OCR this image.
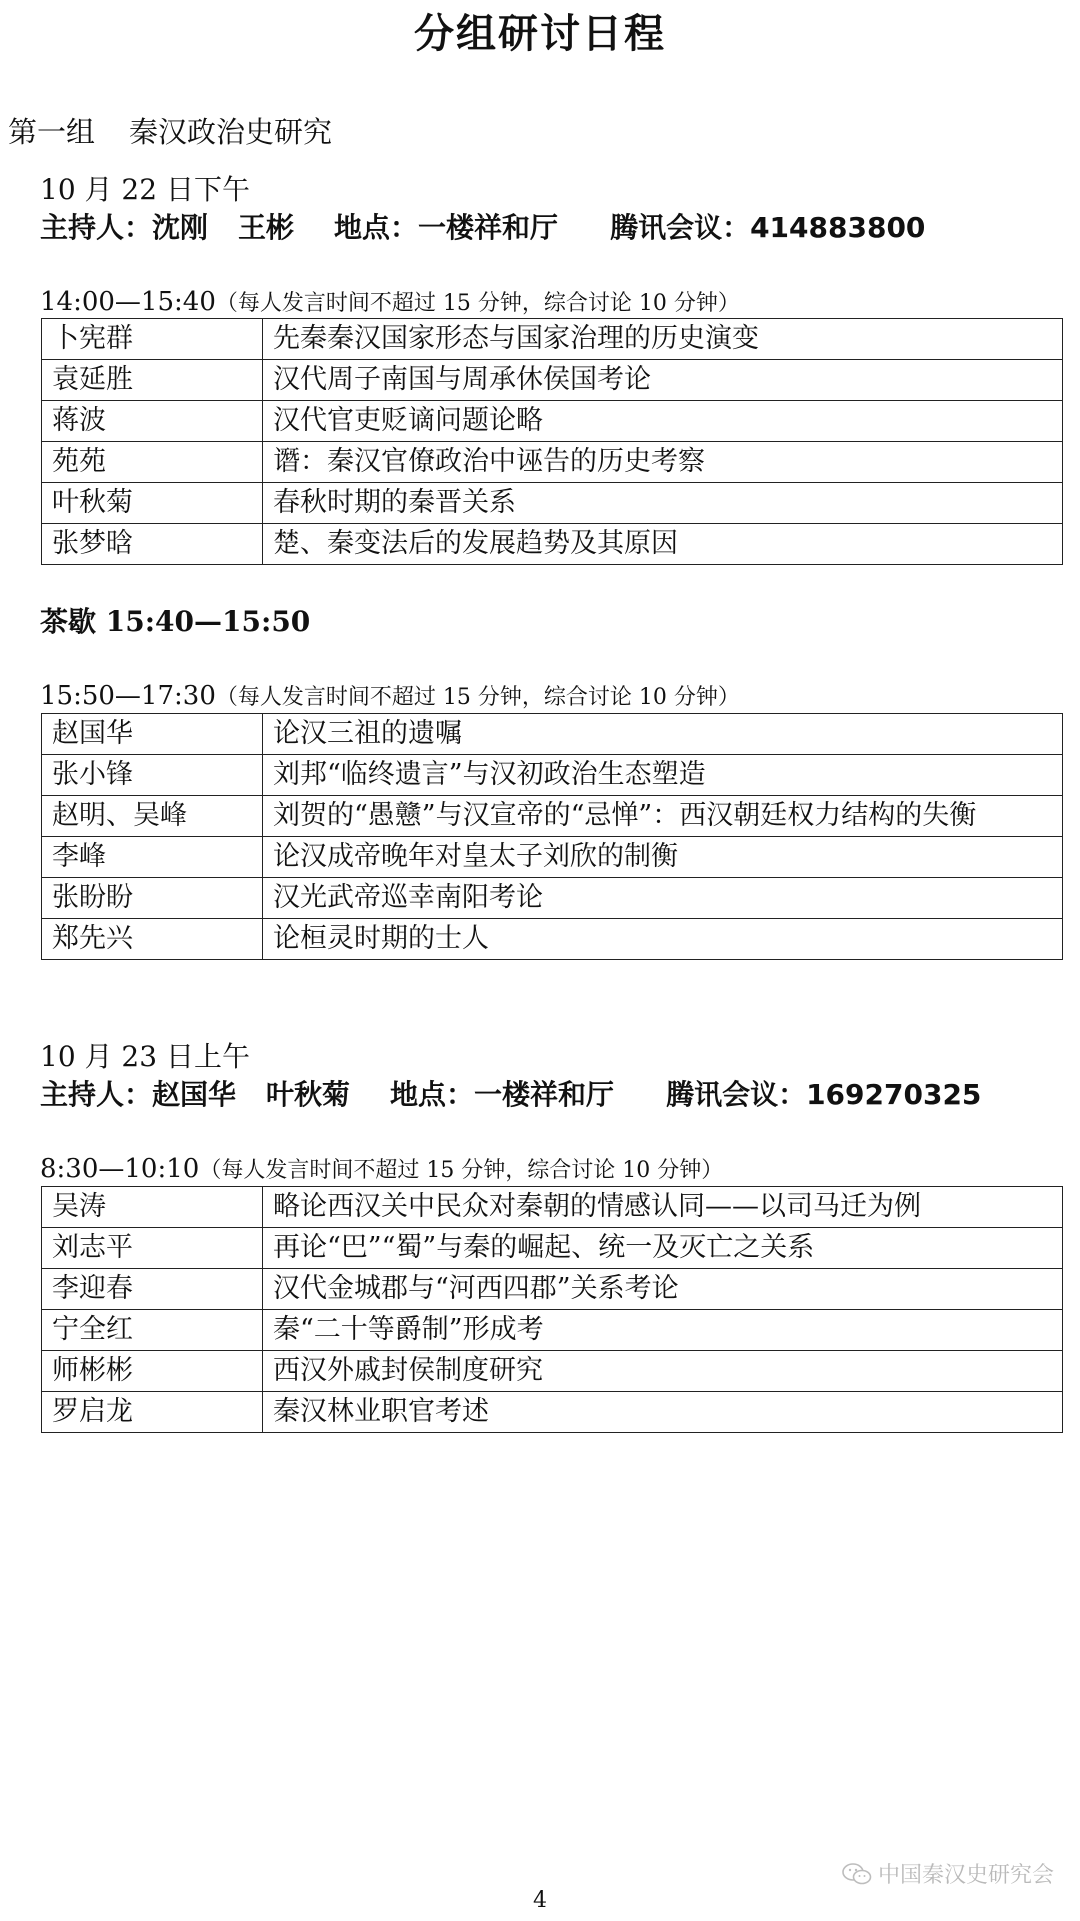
分组研讨日程
第一组 秦汉政治史研究
10 月 22 日下午
主持人：沈刚 王彬 地点：一楼祥和厅 腾讯会议：414883800
14:00—15:40（每人发言时间不超过 15 分钟，综合讨论 10 分钟）
卜宪群	先秦秦汉国家形态与国家治理的历史演变
袁延胜	汉代周子南国与周承休侯国考论
蒋波	汉代官吏贬谪问题论略
苑苑	谮：秦汉官僚政治中诬告的历史考察
叶秋菊	春秋时期的秦晋关系
张梦晗	楚、秦变法后的发展趋势及其原因
茶歇 15:40—15:50
15:50—17:30（每人发言时间不超过 15 分钟，综合讨论 10 分钟）
赵国华	论汉三祖的遗嘱
张小锋	刘邦“临终遗言”与汉初政治生态塑造
赵明、吴峰	刘贺的“愚戆”与汉宣帝的“忌惮”：西汉朝廷权力结构的失衡
李峰	论汉成帝晚年对皇太子刘欣的制衡
张盼盼	汉光武帝巡幸南阳考论
郑先兴	论桓灵时期的士人
10 月 23 日上午
主持人：赵国华 叶秋菊 地点：一楼祥和厅 腾讯会议：169270325
8:30—10:10（每人发言时间不超过 15 分钟，综合讨论 10 分钟）
吴涛	略论西汉关中民众对秦朝的情感认同——以司马迁为例
刘志平	再论“巴”“蜀”与秦的崛起、统一及灭亡之关系
李迎春	汉代金城郡与“河西四郡”关系考论
宁全红	秦“二十等爵制”形成考
师彬彬	西汉外戚封侯制度研究
罗启龙	秦汉林业职官考述
中国秦汉史研究会
4
